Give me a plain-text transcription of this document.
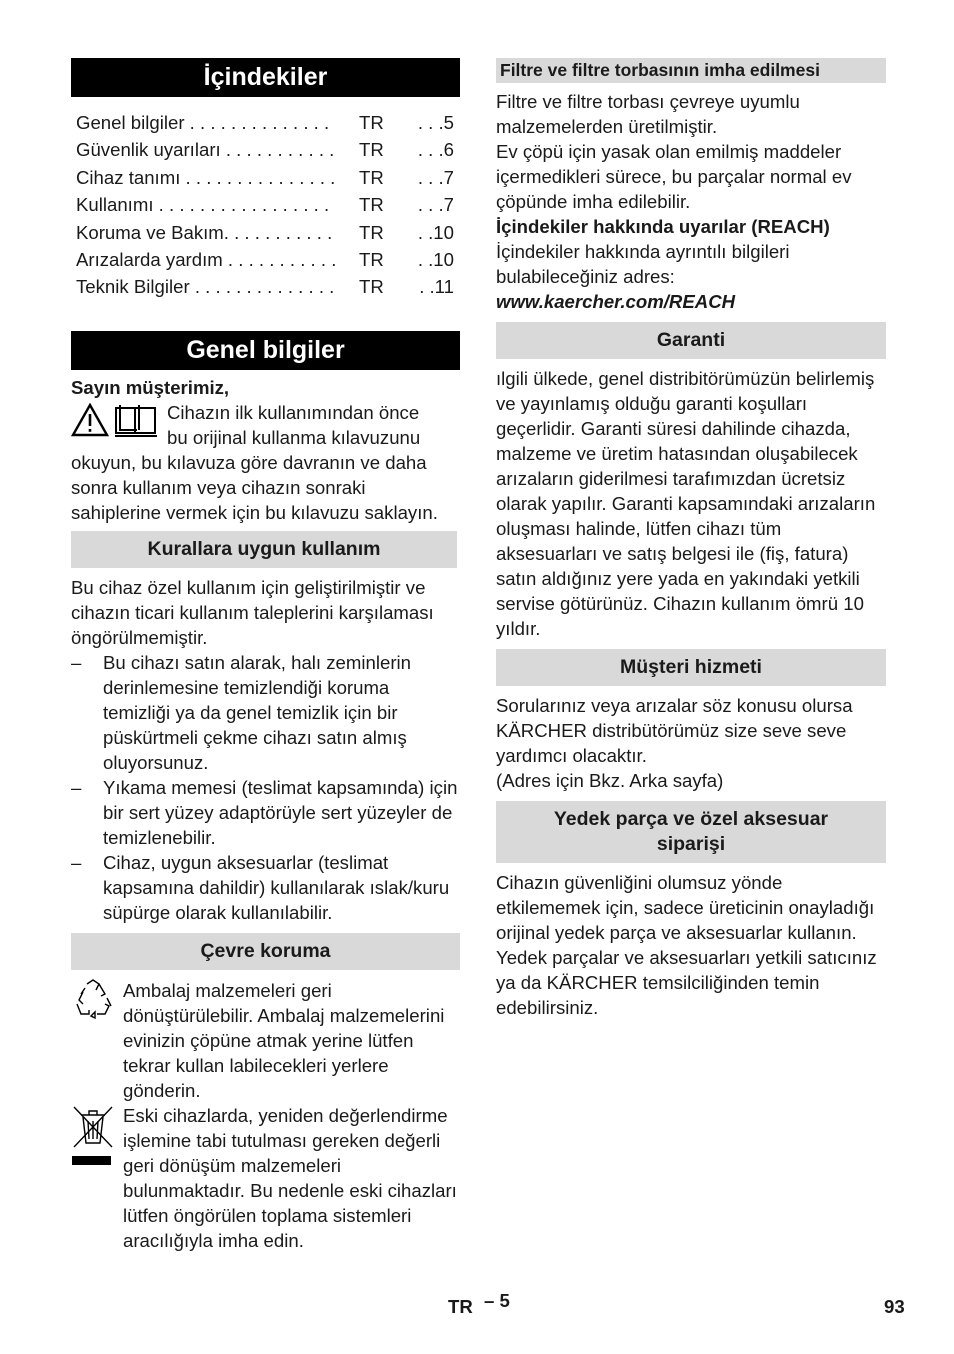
İçindekiler
Genel bilgiler . . . . . . . . . . . . . .	TR	. . .5
Güvenlik uyarıları . . . . . . . . . . .	TR	. . .6
Cihaz tanımı . . . . . . . . . . . . . . .	TR	. . .7
Kullanımı . . . . . . . . . . . . . . . . .	TR	. . .7
Koruma ve Bakım. . . . . . . . . . .	TR	. .10
Arızalarda yardım . . . . . . . . . . .	TR	. .10
Teknik Bilgiler . . . . . . . . . . . . . .	TR	. .11
Genel bilgiler

Sayın müşterimiz,

Cihazın ilk kullanımından önce

bu orijinal kullanma kılavuzunu

okuyun, bu kılavuza göre davranın ve daha sonra kullanım veya cihazın sonraki sahiplerine vermek için bu kılavuzu saklayın.

Kurallara uygun kullanım

Bu cihaz özel kullanım için geliştirilmiştir ve cihazın ticari kullanım taleplerini karşılaması öngörülmemiştir.

– Bu cihazı satın alarak, halı zeminlerin derinlemesine temizlendiği koruma temizliği ya da genel temizlik için bir püskürtmeli çekme cihazı satın almış oluyorsunuz.
– Yıkama memesi (teslimat kapsamında) için bir sert yüzey adaptörüyle sert yüzeyler de temizlenebilir.
– Cihaz, uygun aksesuarlar (teslimat kapsamına dahildir) kullanılarak ıslak/kuru süpürge olarak kullanılabilir.
Çevre koruma

Ambalaj malzemeleri geri dönüştürülebilir. Ambalaj malzemelerini evinizin çöpüne atmak yerine lütfen tekrar kullan labilecekleri yerlere gönderin.

Eski cihazlarda, yeniden değerlendirme işlemine tabi tutulması gereken değerli geri dönüşüm malzemeleri bulunmaktadır. Bu nedenle eski cihazları lütfen öngörülen toplama sistemleri aracılığıyla imha edin.

Filtre ve filtre torbasının imha edilmesi

Filtre ve filtre torbası çevreye uyumlu malzemelerden üretilmiştir.

Ev çöpü için yasak olan emilmiş maddeler içermedikleri sürece, bu parçalar normal ev çöpünde imha edilebilir.

İçindekiler hakkında uyarılar (REACH)

İçindekiler hakkında ayrıntılı bilgileri bulabileceğiniz adres:

www.kaercher.com/REACH

Garanti

ılgili ülkede, genel distribitörümüzün belirlemiş ve yayınlamış olduğu garanti koşulları geçerlidir. Garanti süresi dahilinde cihazda, malzeme ve üretim hatasından oluşabilecek arızaların giderilmesi tarafımızdan ücretsiz olarak yapılır. Garanti kapsamındaki arızaların oluşması halinde, lütfen cihazı tüm aksesuarları ve satış belgesi ile (fiş, fatura) satın aldığınız yere yada en yakındaki yetkili servise götürünüz. Cihazın kullanım ömrü 10 yıldır.

Müşteri hizmeti

Sorularınız veya arızalar söz konusu olursa KÄRCHER distribütörümüz size seve seve yardımcı olacaktır.

(Adres için Bkz. Arka sayfa)

Yedek parça ve özel aksesuar siparişi

Cihazın güvenliğini olumsuz yönde etkilememek için, sadece üreticinin onayladığı orijinal yedek parça ve aksesuarlar kullanın.

Yedek parçalar ve aksesuarları yetkili satıcınız ya da KÄRCHER temsilciliğinden temin edebilirsiniz.

TR – 5	93
